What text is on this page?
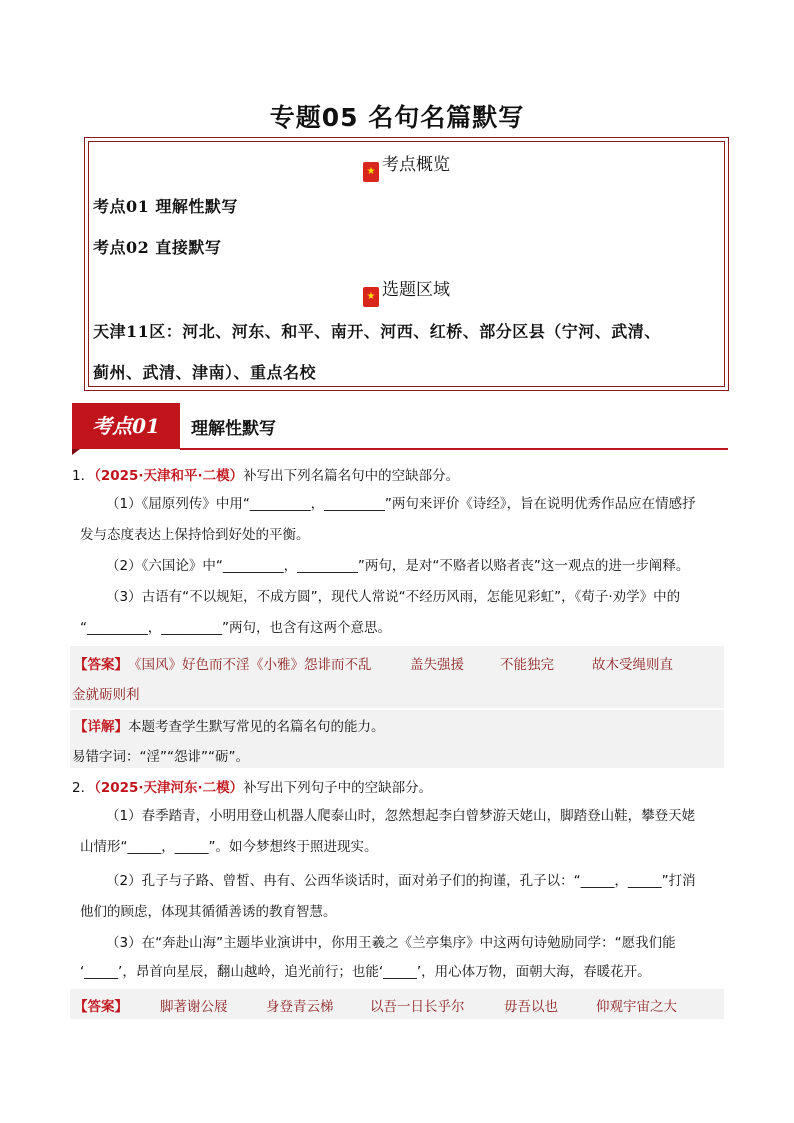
专题05 名句名篇默写
★ 考点概览
考点01 理解性默写
考点02 直接默写
★ 选题区域
天津11区：河北、河东、和平、南开、河西、红桥、部分区县（宁河、武清、
蓟州、武清、津南）、重点名校
考点01	理解性默写
1．（2025·天津和平·二模）补写出下列名篇名句中的空缺部分。
（1）《屈原列传》中用“_________，_________”两句来评价《诗经》，旨在说明优秀作品应在情感抒
发与态度表达上保持恰到好处的平衡。
（2）《六国论》中“_________，_________”两句，是对“不赂者以赂者丧”这一观点的进一步阐释。
（3）古语有“不以规矩，不成方圆”，现代人常说“不经历风雨，怎能见彩虹”，《荀子·劝学》中的
“_________，_________”两句，也含有这两个意思。
【答案】《国风》好色而不淫《小雅》怨诽而不乱	盖失强援	不能独完	故木受绳则直
金就砺则利
【详解】本题考查学生默写常见的名篇名句的能力。
易错字词：“淫”“怨诽”“砺”。
2．（2025·天津河东·二模）补写出下列句子中的空缺部分。
（1）春季踏青，小明用登山机器人爬泰山时，忽然想起李白曾梦游天姥山，脚踏登山鞋，攀登天姥
山情形“_____，_____”。如今梦想终于照进现实。
（2）孔子与子路、曾皙、冉有、公西华谈话时，面对弟子们的拘谨，孔子以：“_____，_____”打消
他们的顾虑，体现其循循善诱的教育智慧。
（3）在“奔赴山海”主题毕业演讲中，你用王羲之《兰亭集序》中这两句诗勉励同学：“愿我们能
‘_____’，昂首向星辰，翻山越岭，追光前行；也能‘_____’，用心体万物，面朝大海，春暖花开。
【答案】 脚著谢公屐	身登青云梯	以吾一日长乎尔	毋吾以也	仰观宇宙之大
